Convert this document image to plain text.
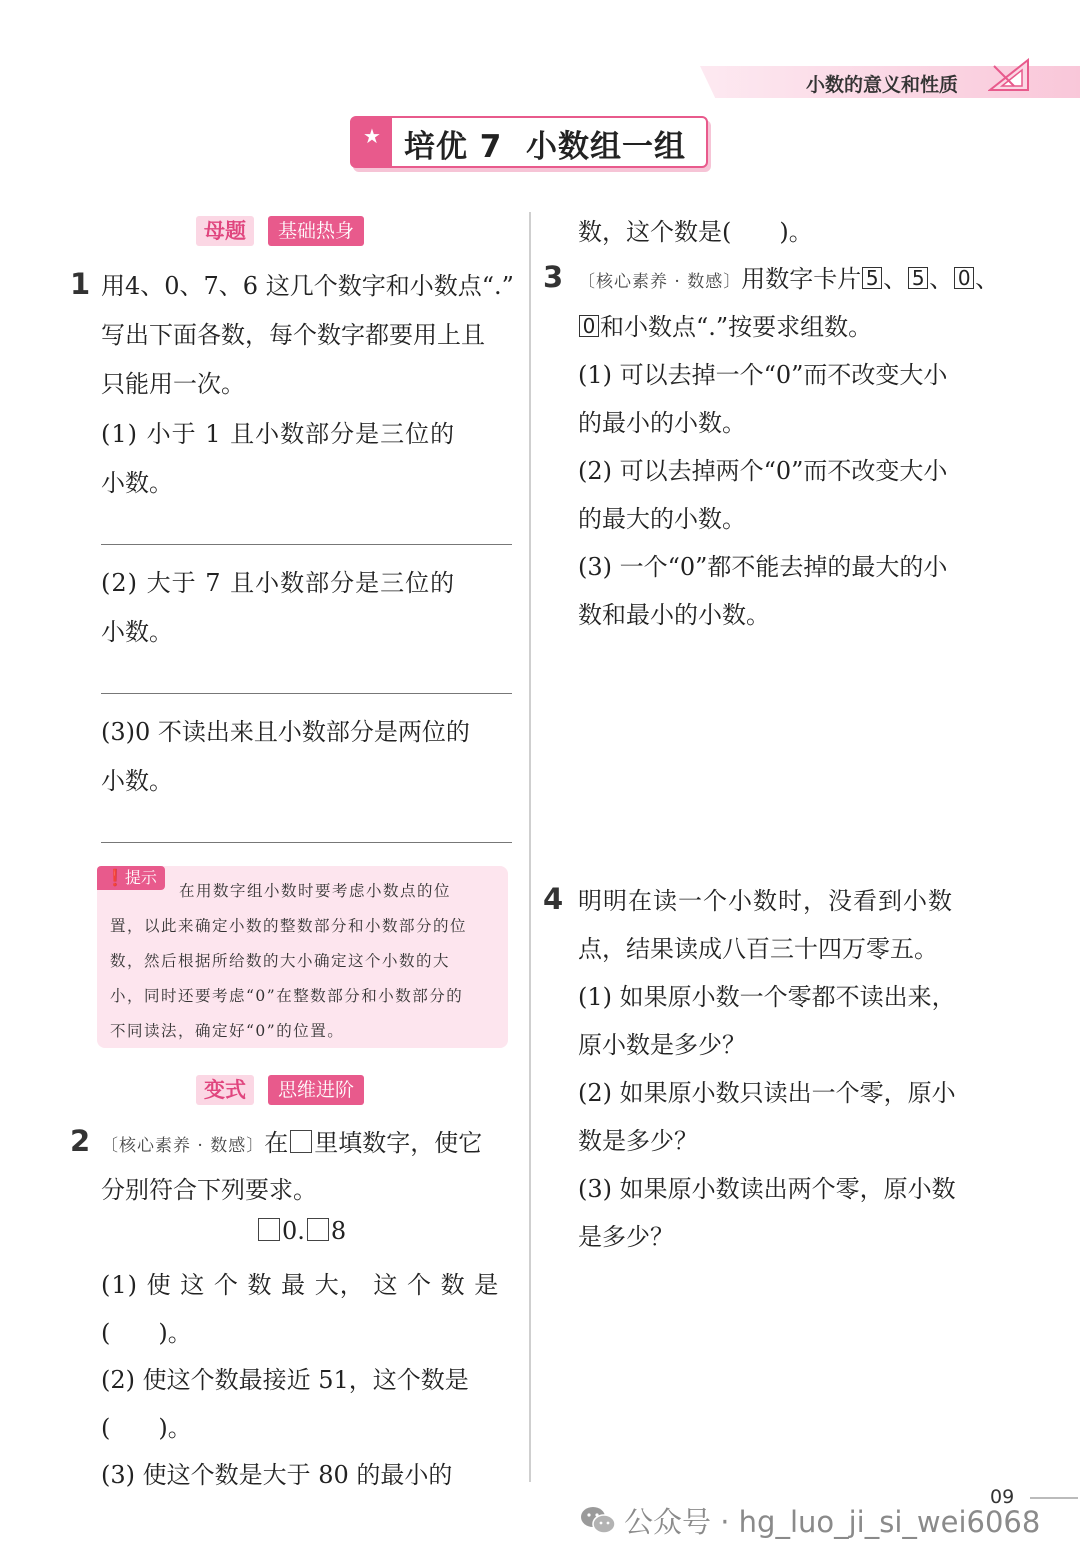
小数的意义和性质
★ 培优 7  小数组一组
母题	基础热身
1 用4、0、7、6 这几个数字和小数点“.”
写出下面各数，每个数字都要用上且
只能用一次。
(1) 小于 1 且小数部分是三位的
小数。
(2) 大于 7 且小数部分是三位的
小数。
(3)0 不读出来且小数部分是两位的
小数。
❗提示
在用数字组小数时要考虑小数点的位
置，以此来确定小数的整数部分和小数部分的位
数，然后根据所给数的大小确定这个小数的大
小，同时还要考虑“0”在整数部分和小数部分的
不同读法，确定好“0”的位置。
变式	思维进阶
2 〔核心素养 · 数感〕在 里填数字，使它
分别符合下列要求。
0. 8
(1) 使 这 个 数 最 大， 这 个 数 是
(　　)。
(2) 使这个数最接近 51，这个数是
(　　)。
(3) 使这个数是大于 80 的最小的
数，这个数是(　　)。
3 〔核心素养 · 数感〕用数字卡片 5 、 5 、 0 、
0 和小数点“.”按要求组数。
(1) 可以去掉一个“0”而不改变大小
的最小的小数。
(2) 可以去掉两个“0”而不改变大小
的最大的小数。
(3) 一个“0”都不能去掉的最大的小
数和最小的小数。
4 明明在读一个小数时，没看到小数
点，结果读成八百三十四万零五。
(1) 如果原小数一个零都不读出来，
原小数是多少？
(2) 如果原小数只读出一个零，原小
数是多少？
(3) 如果原小数读出两个零，原小数
是多少？
09
公众号 · hg_luo_ji_si_wei6068
